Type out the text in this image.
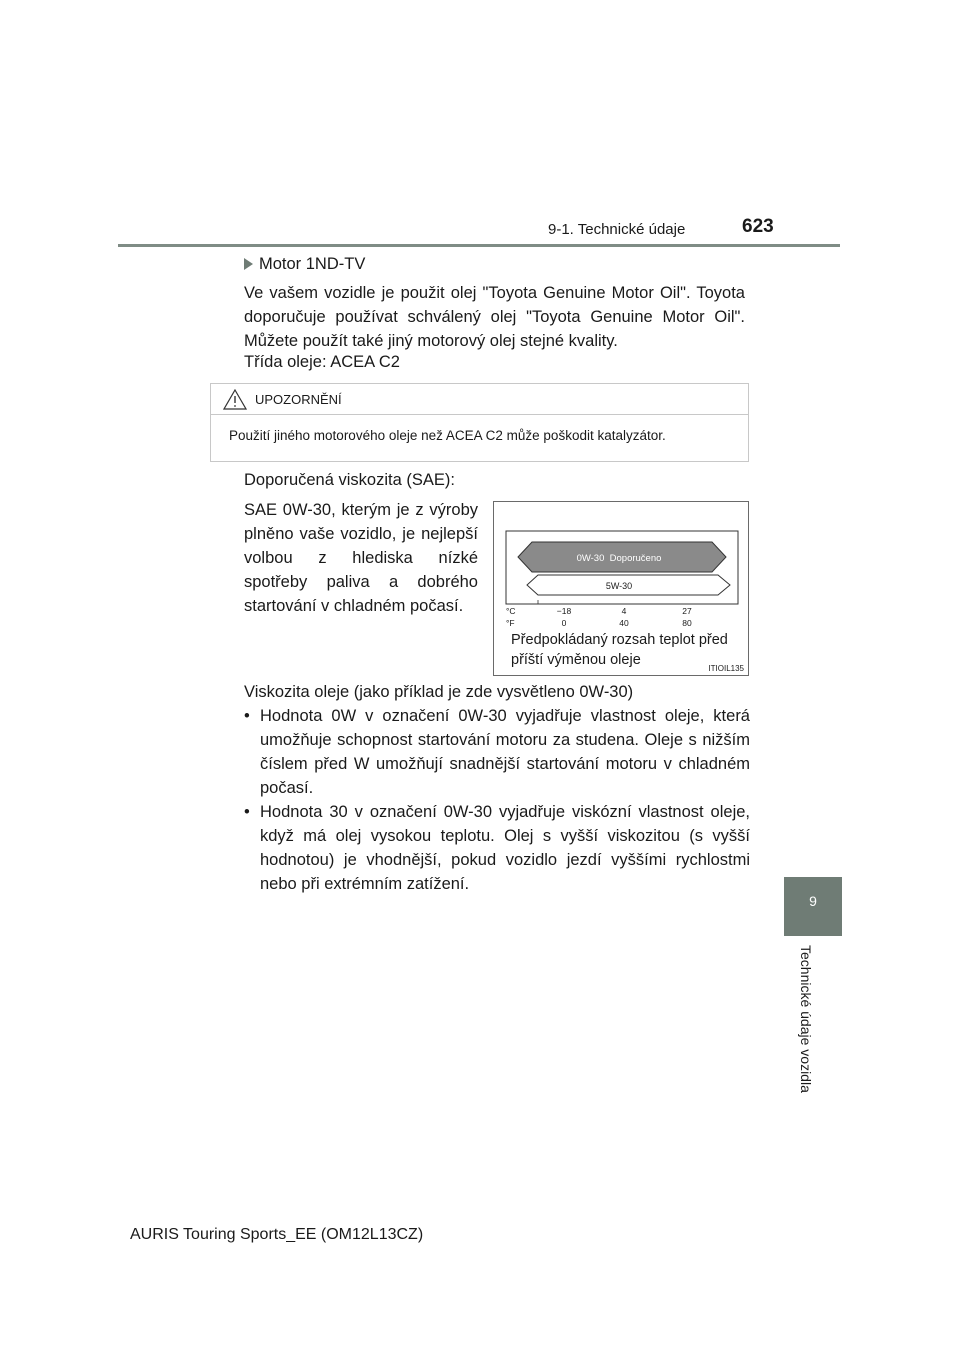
9-1. Technické údaje	623
9
Technické údaje vozidla
Motor 1ND-TV
Ve vašem vozidle je použit olej "Toyota Genuine Motor Oil". Toyota doporučuje používat schválený olej "Toyota Genuine Motor Oil". Můžete použít také jiný motorový olej stejné kvality.
Třída oleje: ACEA C2
UPOZORNĚNÍ
Použití jiného motorového oleje než ACEA C2 může poškodit katalyzátor.
Doporučená viskozita (SAE):
SAE 0W-30, kterým je z výroby plněno vaše vozidlo, je nejlepší volbou z hlediska nízké spotřeby paliva a dobrého startování v chladném počasí.
0W-30  Doporučeno
5W-30
°C
°F
−18	4	27
0	40	80
ITIOIL135
Předpokládaný rozsah teplot před příští výměnou oleje
Viskozita oleje (jako příklad je zde vysvětleno 0W-30)
• Hodnota 0W v označení 0W-30 vyjadřuje vlastnost oleje, která umožňuje schopnost startování motoru za studena. Oleje s nižším číslem před W umožňují snadnější startování motoru v chladném počasí.
• Hodnota 30 v označení 0W-30 vyjadřuje viskózní vlastnost oleje, když má olej vysokou teplotu. Olej s vyšší viskozitou (s vyšší hodnotou) je vhodnější, pokud vozidlo jezdí vyššími rychlostmi nebo při extrémním zatížení.
AURIS Touring Sports_EE (OM12L13CZ)
